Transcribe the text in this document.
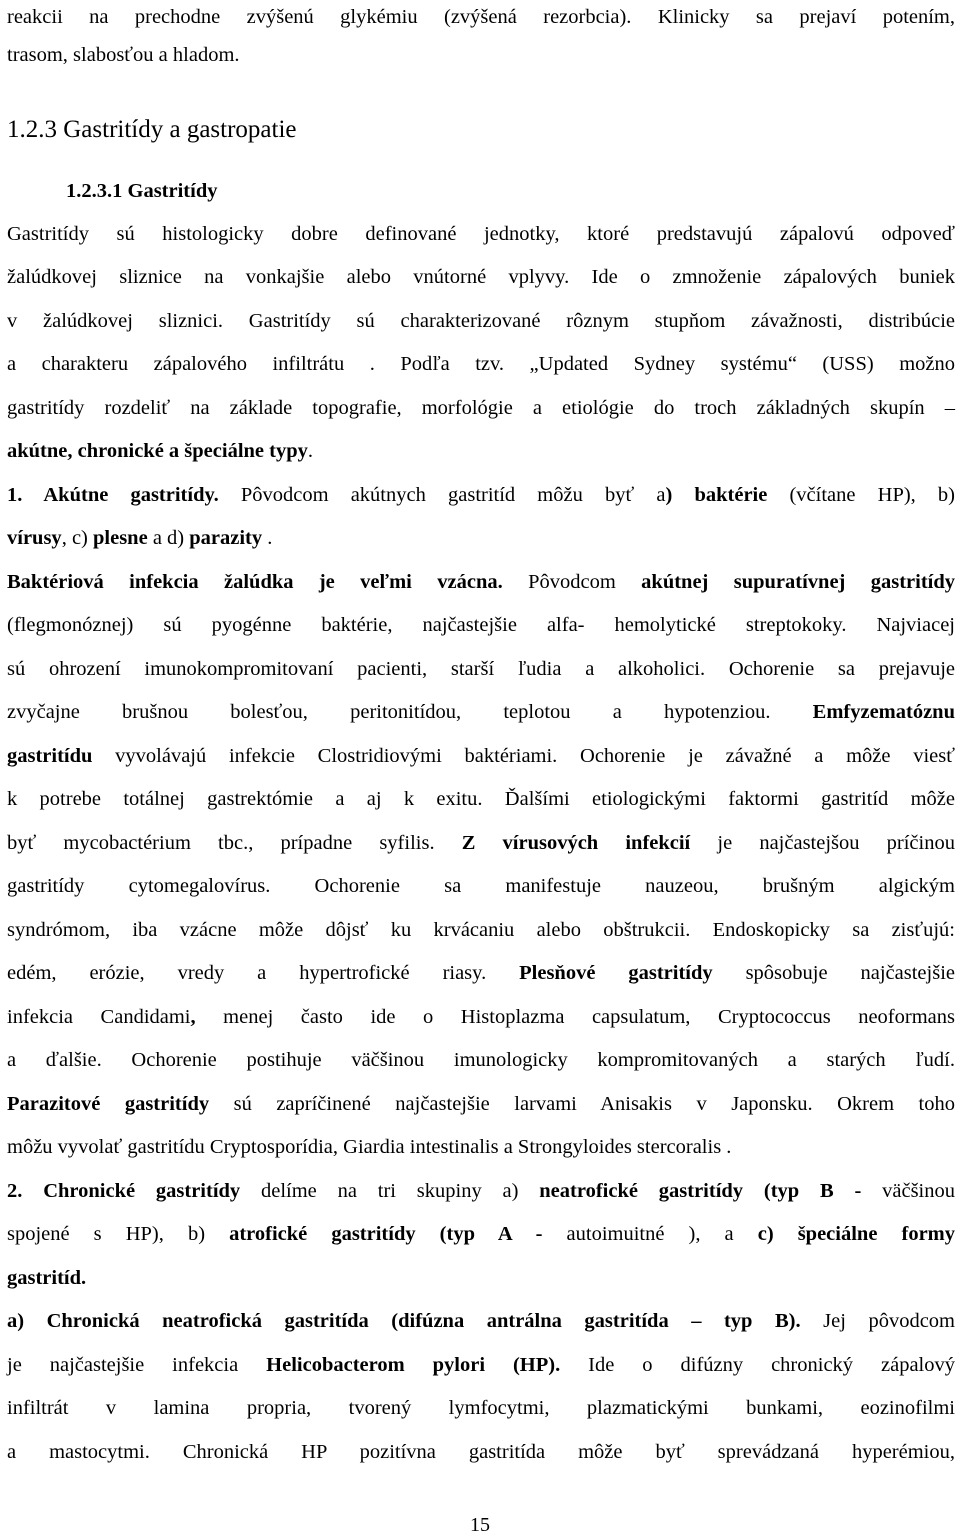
reakcii na prechodne zvýšenú glykémiu (zvýšená rezorbcia). Klinicky sa prejaví potením,
trasom, slabosťou a hladom.
1.2.3 Gastritídy a gastropatie
1.2.3.1 Gastritídy
Gastritídy sú histologicky dobre definované jednotky, ktoré predstavujú zápalovú odpoveď
žalúdkovej sliznice na vonkajšie alebo vnútorné vplyvy. Ide o zmnoženie zápalových buniek
v žalúdkovej sliznici. Gastritídy sú charakterizované rôznym stupňom závažnosti, distribúcie
a charakteru zápalového infiltrátu . Podľa tzv. „Updated Sydney systému“ (USS) možno
gastritídy rozdeliť na základe topografie, morfológie a etiológie do troch základných skupín –
akútne, chronické a špeciálne typy.
1. Akútne gastritídy. Pôvodcom akútnych gastritíd môžu byť a) baktérie (včítane HP), b)
vírusy, c) plesne a d) parazity .
Baktériová infekcia žalúdka je veľmi vzácna. Pôvodcom akútnej supuratívnej gastritídy
(flegmonóznej) sú pyogénne baktérie, najčastejšie alfa- hemolytické streptokoky. Najviacej
sú ohrození imunokompromitovaní pacienti, starší ľudia a alkoholici. Ochorenie sa prejavuje
zvyčajne brušnou bolesťou, peritonitídou, teplotou a hypotenziou. Emfyzematóznu
gastritídu vyvolávajú infekcie Clostridiovými baktériami. Ochorenie je závažné a môže viesť
k potrebe totálnej gastrektómie a aj k exitu. Ďalšími etiologickými faktormi gastritíd môže
byť mycobactérium tbc., prípadne syfilis. Z vírusových infekcií je najčastejšou príčinou
gastritídy cytomegalovírus. Ochorenie sa manifestuje nauzeou, brušným algickým
syndrómom, iba vzácne môže dôjsť ku krvácaniu alebo obštrukcii. Endoskopicky sa zisťujú:
edém, erózie, vredy a hypertrofické riasy. Plesňové gastritídy spôsobuje najčastejšie
infekcia Candidami, menej často ide o Histoplazma capsulatum, Cryptococcus neoformans
a ďalšie. Ochorenie postihuje väčšinou imunologicky kompromitovaných a starých ľudí.
Parazitové gastritídy sú zapríčinené najčastejšie larvami Anisakis v Japonsku. Okrem toho
môžu vyvolať gastritídu Cryptosporídia, Giardia intestinalis a Strongyloides stercoralis .
2. Chronické gastritídy delíme na tri skupiny a) neatrofické gastritídy (typ B - väčšinou
spojené s HP), b) atrofické gastritídy (typ A - autoimuitné ), a c) špeciálne formy
gastritíd.
a) Chronická neatrofická gastritída (difúzna antrálna gastritída – typ B). Jej pôvodcom
je najčastejšie infekcia Helicobacterom pylori (HP). Ide o difúzny chronický zápalový
infiltrát v lamina propria, tvorený lymfocytmi, plazmatickými bunkami, eozinofilmi
a mastocytmi. Chronická HP pozitívna gastritída môže byť sprevádzaná hyperémiou,
15
